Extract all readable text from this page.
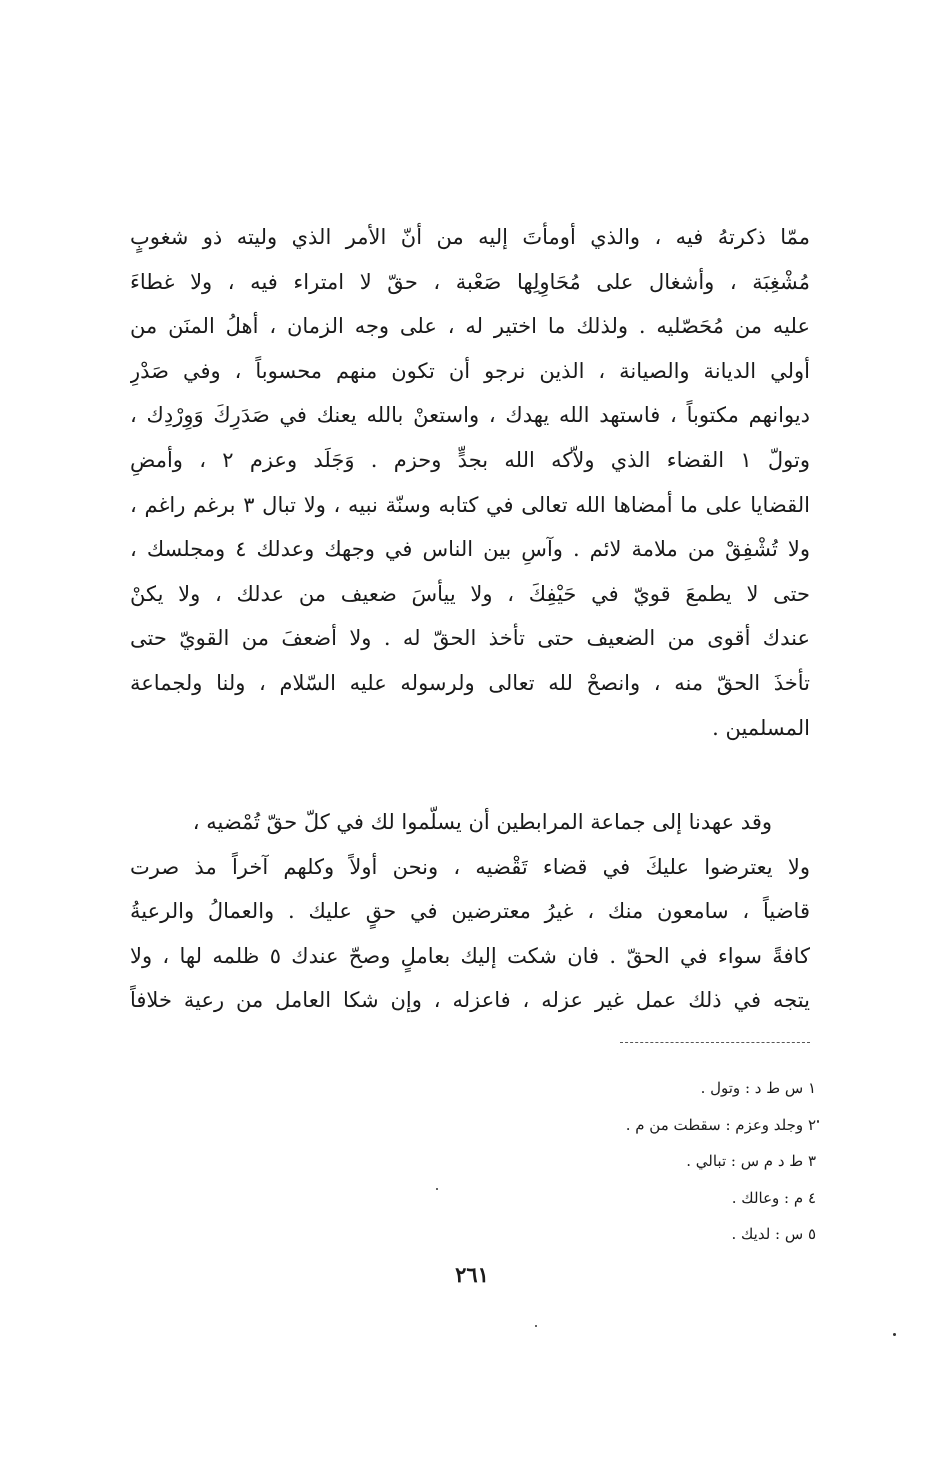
ممّا ذكرتهُ فيه ، والذي أومأتَ إليه من أنّ الأمر الذي وليته ذو شغوبٍ
مُشْغِبَة ، وأشغال على مُحَاوِلِها صَعْبة ، حقّ لا امتراء فيه ، ولا غطاءَ
عليه من مُحَصّليه . ولذلك ما اختير له ، على وجه الزمان ، أهلُ المنَن من
أولي الديانة والصيانة ، الذين نرجو أن تكون منهم محسوباً ، وفي صَدْرِ
ديوانهم مكتوباً ، فاستهد الله يهدك ، واستعنْ بالله يعنك في صَدَرِكَ وَوِرْدِك ،
وتولّ ١ القضاء الذي ولاّكه الله بجدٍّ وحزم . وَجَلَد وعزم ٢ ، وأمضِ
القضايا على ما أمضاها الله تعالى في كتابه وسنّة نبيه ، ولا تبال ٣ برغم راغم ،
ولا تُشْفِقْ من ملامة لائم . وآسِ بين الناس في وجهك وعدلك ٤ ومجلسك ،
حتى لا يطمعَ قويّ في حَيْفِكَ ، ولا ييأسَ ضعيف من عدلك ، ولا يكنْ
عندك أقوى من الضعيف حتى تأخذ الحقّ له . ولا أضعفَ من القويّ حتى
تأخذَ الحقّ منه ، وانصحْ لله تعالى ولرسوله عليه السّلام ، ولنا ولجماعة
المسلمين .
وقد عهدنا إلى جماعة المرابطين أن يسلّموا لك في كلّ حقّ تُمْضيه ،
ولا يعترضوا عليكَ في قضاء تَقْضيه ، ونحن أولاً وكلهم آخراً مذ صرت
قاضياً ، سامعون منك ، غيرُ معترضين في حقٍ عليك . والعمالُ والرعيةُ
كافةً سواء في الحقّ . فان شكت إليك بعاملٍ وصحّ عندك ٥ ظلمه لها ، ولا
يتجه في ذلك عمل غير عزله ، فاعزله ، وإن شكا العامل من رعية خلافاً
١ س ط د : وتول .
٢ وجلد وعزم : سقطت من م .
٣ ط د م س : تبالي .
٤ م : وعالك .
٥ س : لديك .
٢٦١
